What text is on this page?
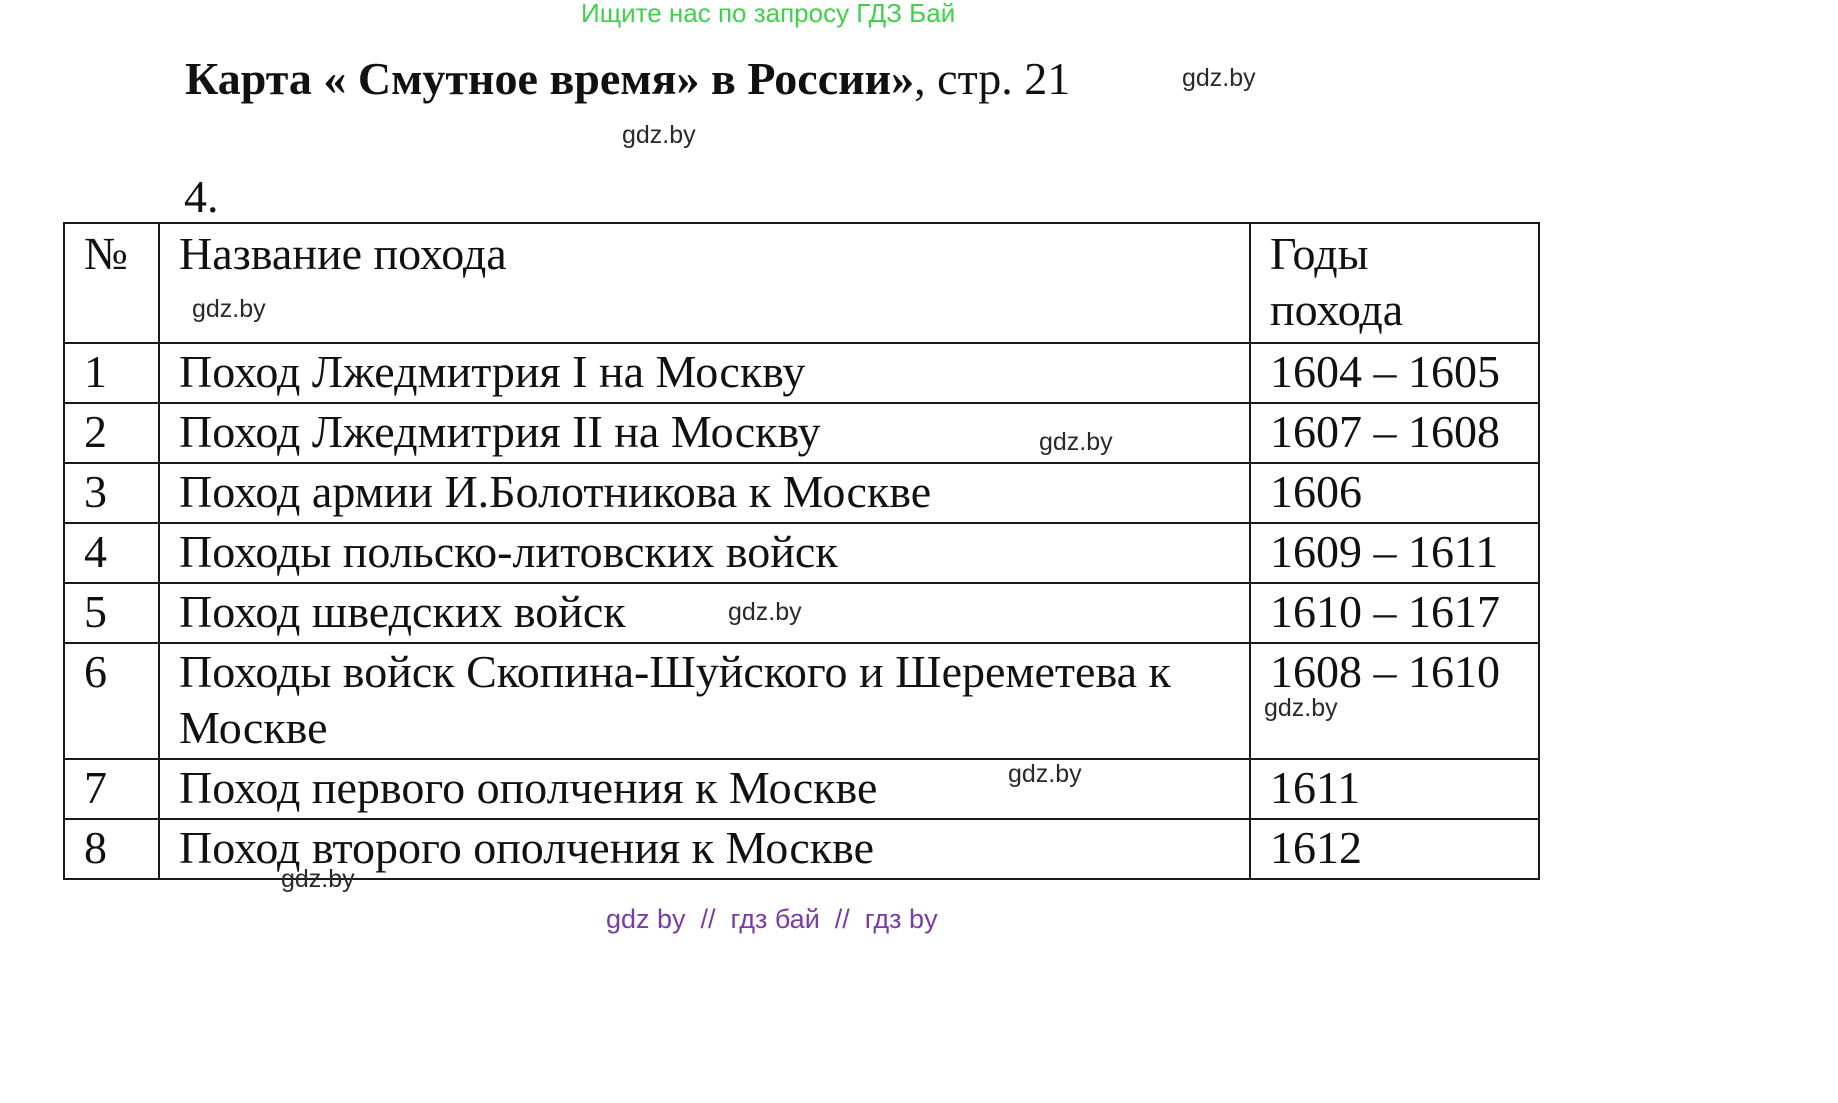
Ищите нас по запросу ГДЗ Бай
Карта « Смутное время» в России», стр. 21	gdz.by
gdz.by
4.
№	Название похода	Годы похода
1	Поход Лжедмитрия I на Москву	1604 – 1605
2	Поход Лжедмитрия II на Москву	1607 – 1608
3	Поход армии И.Болотникова к Москве	1606
4	Походы польско-литовских войск	1609 – 1611
5	Поход шведских войск	1610 – 1617
6	Походы войск Скопина-Шуйского и Шереметева к Москве	1608 – 1610
7	Поход первого ополчения к Москве	1611
8	Поход второго ополчения к Москве	1612
gdz.by
gdz.by
gdz.by
gdz.by
gdz.by
gdz.by
gdz by  //  гдз бай  //  гдз by
